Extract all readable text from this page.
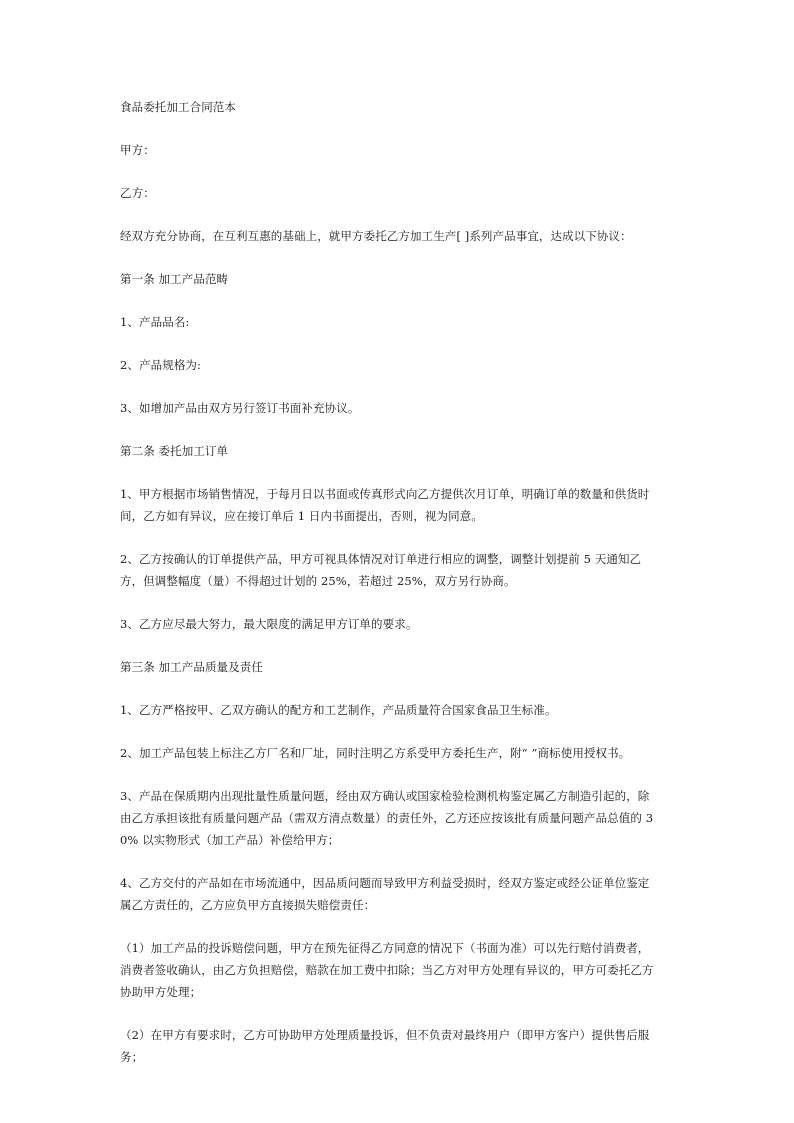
食品委托加工合同范本

甲方：

乙方：

经双方充分协商，在互利互惠的基础上，就甲方委托乙方加工生产[ ]系列产品事宜，达成以下协议：

第一条 加工产品范畴

1、产品品名:

2、产品规格为:

3、如增加产品由双方另行签订书面补充协议。

第二条 委托加工订单

1、甲方根据市场销售情况，于每月日以书面或传真形式向乙方提供次月订单，明确订单的数量和供货时间，乙方如有异议，应在接订单后 1 日内书面提出，否则，视为同意。

2、乙方按确认的订单提供产品，甲方可视具体情况对订单进行相应的调整，调整计划提前 5 天通知乙方，但调整幅度（量）不得超过计划的 25%，若超过 25%，双方另行协商。

3、乙方应尽最大努力，最大限度的满足甲方订单的要求。

第三条 加工产品质量及责任

1、乙方严格按甲、乙双方确认的配方和工艺制作，产品质量符合国家食品卫生标准。

2、加工产品包装上标注乙方厂名和厂址，同时注明乙方系受甲方委托生产，附“ ”商标使用授权书。

3、产品在保质期内出现批量性质量问题，经由双方确认或国家检验检测机构鉴定属乙方制造引起的，除由乙方承担该批有质量问题产品（需双方清点数量）的责任外，乙方还应按该批有质量问题产品总值的 30% 以实物形式（加工产品）补偿给甲方；

4、乙方交付的产品如在市场流通中，因品质问题而导致甲方利益受损时，经双方鉴定或经公证单位鉴定属乙方责任的，乙方应负甲方直接损失赔偿责任：

（1）加工产品的投诉赔偿问题，甲方在预先征得乙方同意的情况下（书面为准）可以先行赔付消费者，消费者签收确认，由乙方负担赔偿，赔款在加工费中扣除；当乙方对甲方处理有异议的，甲方可委托乙方协助甲方处理；

（2）在甲方有要求时，乙方可协助甲方处理质量投诉，但不负责对最终用户（即甲方客户）提供售后服务；
